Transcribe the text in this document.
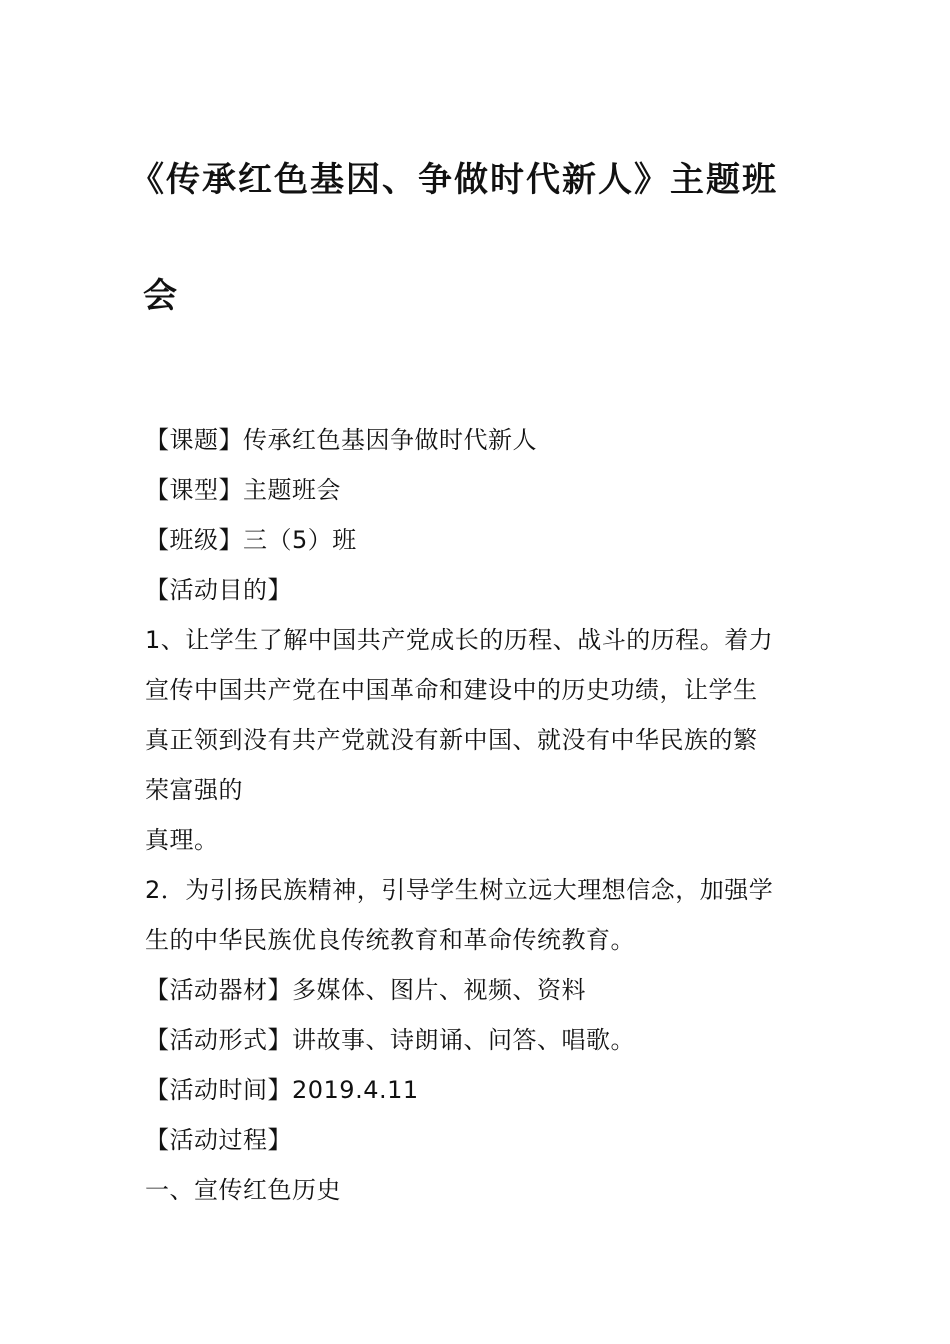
《传承红色基因、争做时代新人》主题班
会
【课题】传承红色基因争做时代新人
【课型】主题班会
【班级】三（5）班
【活动目的】
1、让学生了解中国共产党成长的历程、战斗的历程。着力
宣传中国共产党在中国革命和建设中的历史功绩，让学生
真正领到没有共产党就没有新中国、就没有中华民族的繁
荣富强的
真理。
2．为引扬民族精神，引导学生树立远大理想信念，加强学
生的中华民族优良传统教育和革命传统教育。
【活动器材】多媒体、图片、视频、资料
【活动形式】讲故事、诗朗诵、问答、唱歌。
【活动时间】2019.4.11
【活动过程】
一、宣传红色历史
